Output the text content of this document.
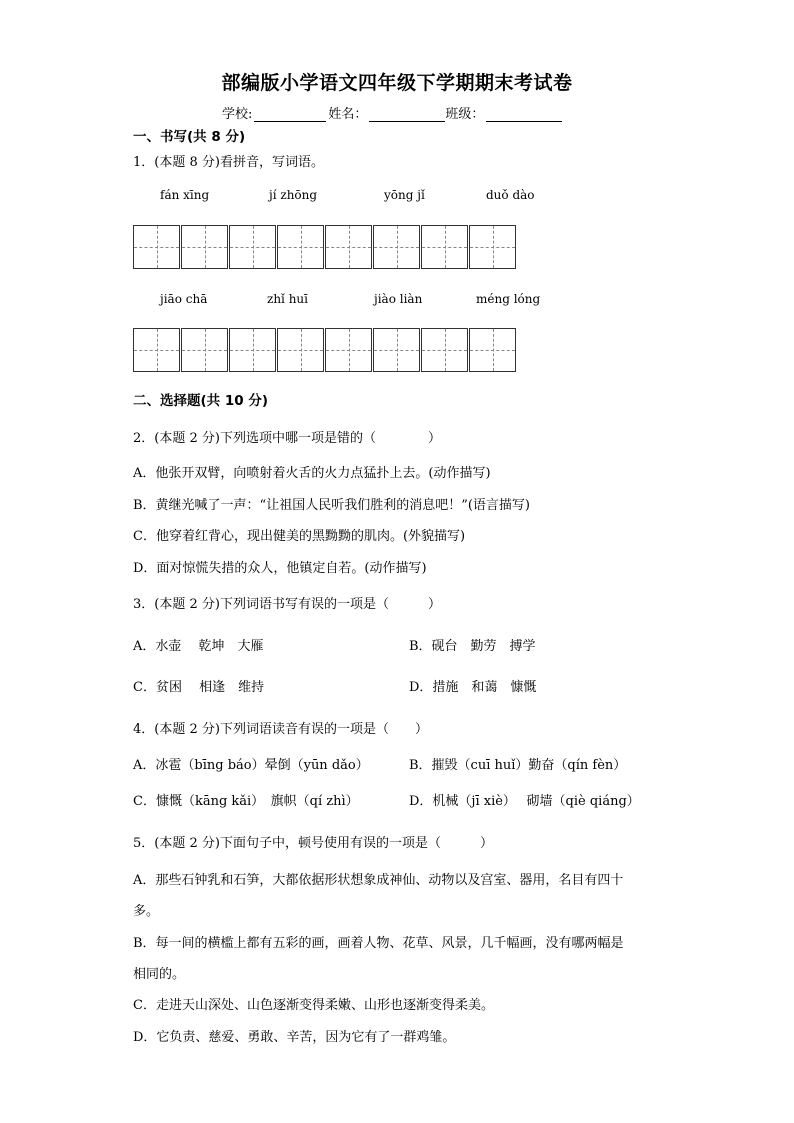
部编版小学语文四年级下学期期末考试卷
学校:	姓名：	班级：
一、书写(共 8 分)
1．(本题 8 分)看拼音，写词语。
fán xīng	jí zhōng	yōng jǐ	duǒ dào
jiāo chā	zhǐ huī	jiào liàn	méng lóng
二、选择题(共 10 分)
2．(本题 2 分)下列选项中哪一项是错的（　　　　）
A．他张开双臂，向喷射着火舌的火力点猛扑上去。(动作描写)
B．黄继光喊了一声：“让祖国人民听我们胜利的消息吧！”(语言描写)
C．他穿着红背心，现出健美的黑黝黝的肌肉。(外貌描写)
D．面对惊慌失措的众人，他镇定自若。(动作描写)
3．(本题 2 分)下列词语书写有误的一项是（　　　）
A．水壶　 乾坤　大雁	B．砚台　勤劳　搏学
C．贫困　 相逢　维持	D．措施　和蔼　慷慨
4．(本题 2 分)下列词语读音有误的一项是（　　）
A．冰雹（bīng báo）晕倒（yūn dǎo）	B．摧毁（cuī huǐ）勤奋（qín fèn）
C．慷慨（kāng kǎi）　旗帜（qí zhì）	D．机械（jī xiè）　 砌墙（qiè qiáng）
5．(本题 2 分)下面句子中，顿号使用有误的一项是（　　　）
A．那些石钟乳和石笋，大都依据形状想象成神仙、动物以及宫室、器用，名目有四十
多。
B．每一间的横槛上都有五彩的画，画着人物、花草、风景，几千幅画，没有哪两幅是
相同的。
C．走进天山深处、山色逐渐变得柔嫩、山形也逐渐变得柔美。
D．它负责、慈爱、勇敢、辛苦，因为它有了一群鸡雏。
